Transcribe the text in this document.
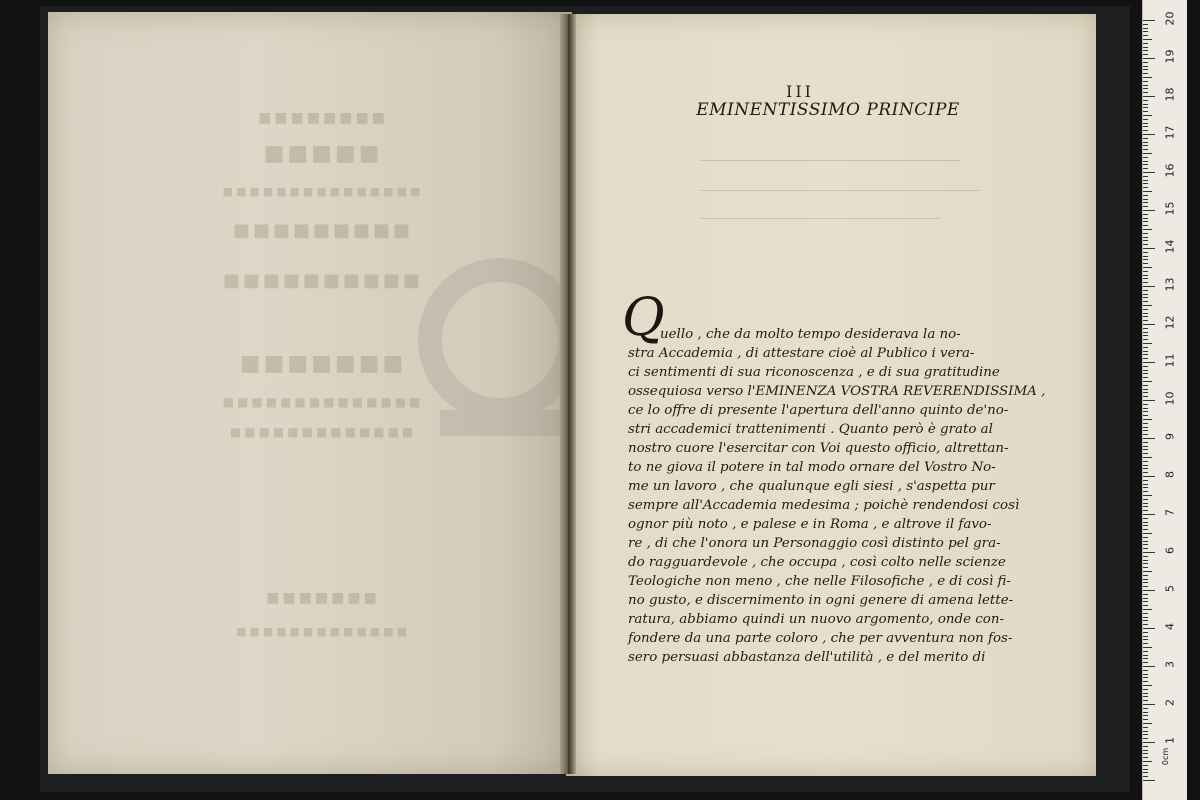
■■■■■■■■
■■■■■
■■■■■■■■■■■■■■■
■■■■■■■■■
■■■■■■■■■■
■■■■■■■
■■■■■■■■■■■■■■
■■■■■■■■■■■■■
■■■■■■■
■■■■■■■■■■■■■
III
EMINENTISSIMO PRINCIPE
Q
uello , che da molto tempo desiderava la no-
stra Accademia , di attestare cioè al Publico i vera-
ci sentimenti di sua riconoscenza , e di sua gratitudine
ossequiosa verso l'EMINENZA VOSTRA REVERENDISSIMA ,
ce lo offre di presente l'apertura dell'anno quinto de'no-
stri accademici trattenimenti . Quanto però è grato al
nostro cuore l'esercitar con Voi questo officio, altrettan-
to ne giova il potere in tal modo ornare del Vostro No-
me un lavoro , che qualunque egli siesi , s'aspetta pur
sempre all'Accademia medesima ; poichè rendendosi così
ognor più noto , e palese e in Roma , e altrove il favo-
re , di che l'onora un Personaggio così distinto pel gra-
do ragguardevole , che occupa , così colto nelle scienze
Teologiche non meno , che nelle Filosofiche , e di così fi-
no gusto, e discernimento in ogni genere di amena lette-
ratura, abbiamo quindi un nuovo argomento, onde con-
fondere da una parte coloro , che per avventura non fos-
sero persuasi abbastanza dell'utilità , e del merito di
20
19
18
17
16
15
14
13
12
11
10
9
8
7
6
5
4
3
2
1
0cm
